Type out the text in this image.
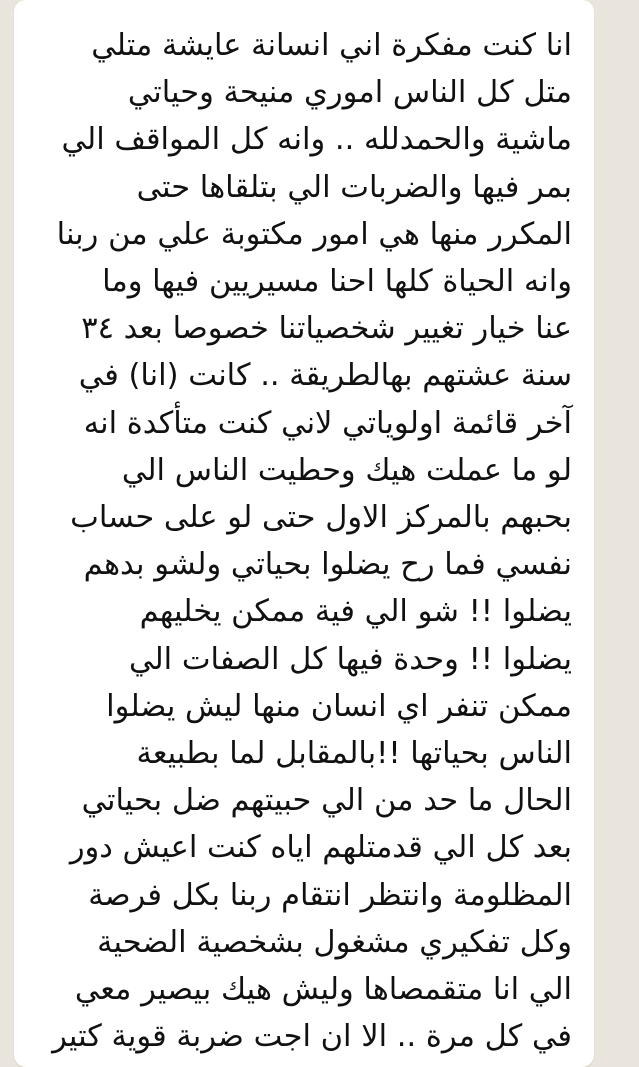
انا كنت مفكرة اني انسانة عايشة متلي
متل كل الناس اموري منيحة وحياتي
ماشية والحمدلله .. وانه كل المواقف الي
بمر فيها والضربات الي بتلقاها حتى
المكرر منها هي امور مكتوبة علي من ربنا
وانه الحياة كلها احنا مسيريين فيها وما
عنا خيار تغيير شخصياتنا خصوصا بعد ٣٤
سنة عشتهم بهالطريقة .. كانت (انا) في
آخر قائمة اولوياتي لاني كنت متأكدة انه
لو ما عملت هيك وحطيت الناس الي
بحبهم بالمركز الاول حتى لو على حساب
نفسي فما رح يضلوا بحياتي ولشو بدهم
يضلوا !! شو الي فية ممكن يخليهم
يضلوا !! وحدة فيها كل الصفات الي
ممكن تنفر اي انسان منها ليش يضلوا
الناس بحياتها !!بالمقابل لما بطبيعة
الحال ما حد من الي حبيتهم ضل بحياتي
بعد كل الي قدمتلهم اياه كنت اعيش دور
المظلومة وانتظر انتقام ربنا بكل فرصة
وكل تفكيري مشغول بشخصية الضحية
الي انا متقمصاها وليش هيك بيصير معي
في كل مرة .. الا ان اجت ضربة قوية كتير
